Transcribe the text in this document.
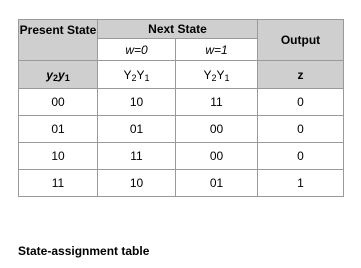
Present State	Next State		Output
	w=0	w=1	
$y_2y_1$	$Y_2Y_1$	$Y_2Y_1$	z
00	10	11	0
01	01	00	0
10	11	00	0
11	10	01	1
State-assignment table
